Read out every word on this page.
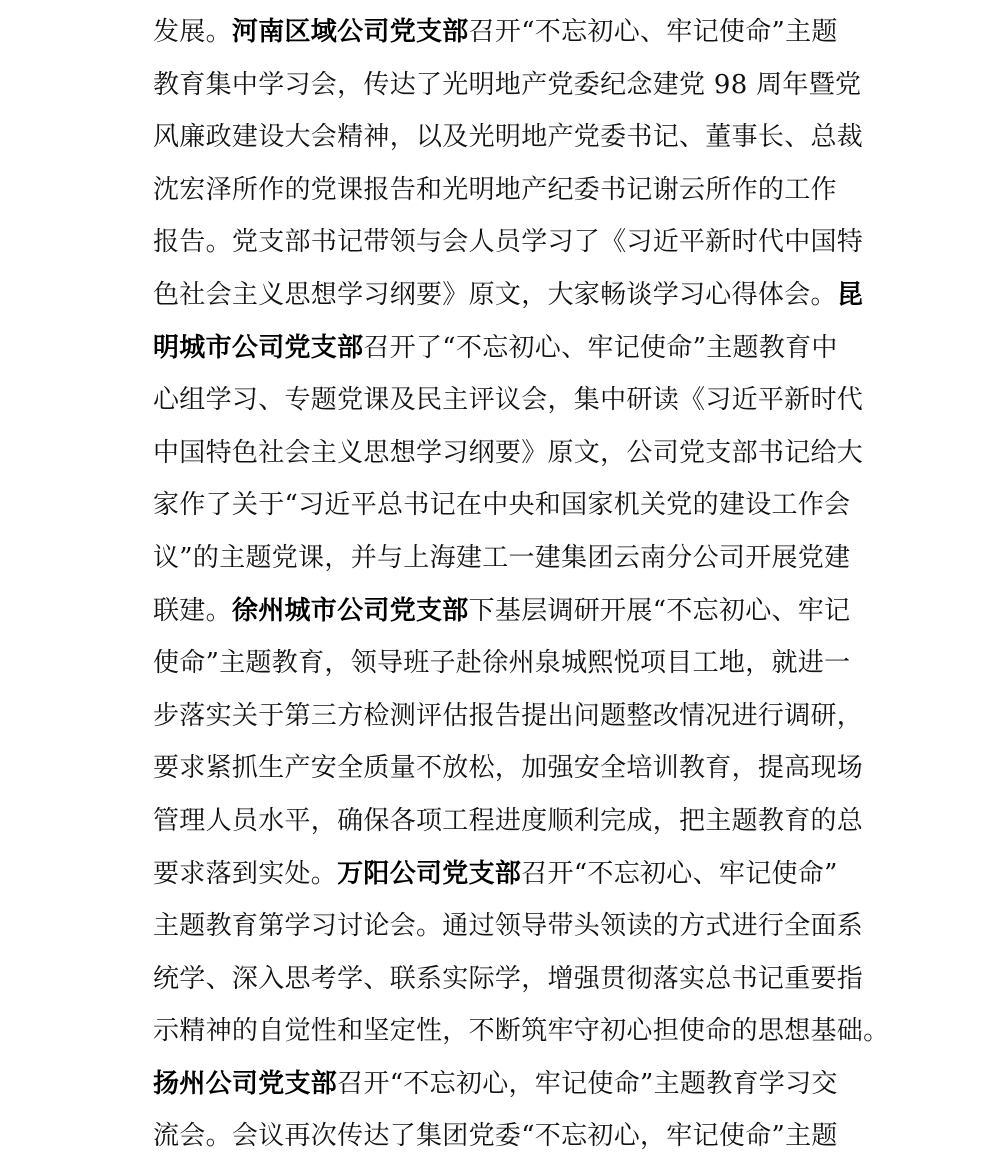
发展。河南区域公司党支部召开“不忘初心、牢记使命”主题
教育集中学习会，传达了光明地产党委纪念建党 98 周年暨党
风廉政建设大会精神，以及光明地产党委书记、董事长、总裁
沈宏泽所作的党课报告和光明地产纪委书记谢云所作的工作
报告。党支部书记带领与会人员学习了《习近平新时代中国特
色社会主义思想学习纲要》原文，大家畅谈学习心得体会。昆
明城市公司党支部召开了“不忘初心、牢记使命”主题教育中
心组学习、专题党课及民主评议会，集中研读《习近平新时代
中国特色社会主义思想学习纲要》原文，公司党支部书记给大
家作了关于“习近平总书记在中央和国家机关党的建设工作会
议”的主题党课，并与上海建工一建集团云南分公司开展党建
联建。徐州城市公司党支部下基层调研开展“不忘初心、牢记
使命”主题教育，领导班子赴徐州泉城熙悦项目工地，就进一
步落实关于第三方检测评估报告提出问题整改情况进行调研，
要求紧抓生产安全质量不放松，加强安全培训教育，提高现场
管理人员水平，确保各项工程进度顺利完成，把主题教育的总
要求落到实处。万阳公司党支部召开“不忘初心、牢记使命”
主题教育第学习讨论会。通过领导带头领读的方式进行全面系
统学、深入思考学、联系实际学，增强贯彻落实总书记重要指
示精神的自觉性和坚定性，不断筑牢守初心担使命的思想基础。
扬州公司党支部召开“不忘初心，牢记使命”主题教育学习交
流会。会议再次传达了集团党委“不忘初心，牢记使命”主题
